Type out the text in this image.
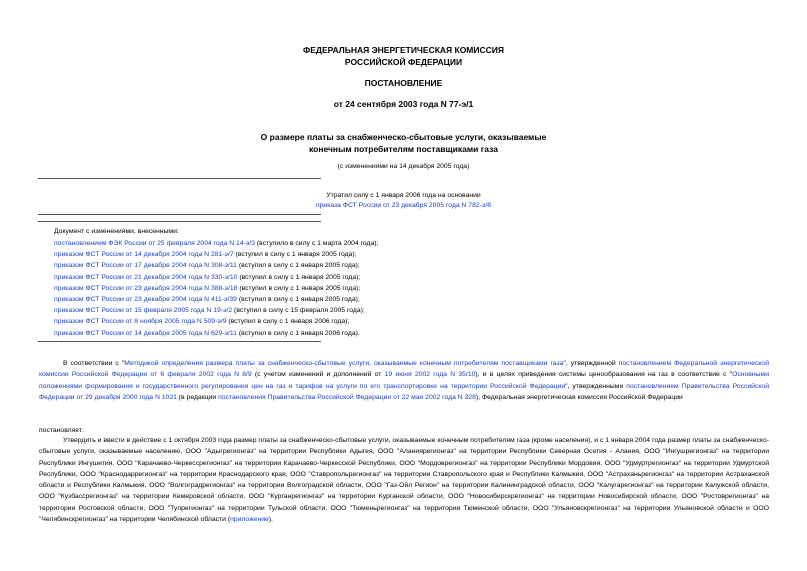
ФЕДЕРАЛЬНАЯ ЭНЕРГЕТИЧЕСКАЯ КОМИССИЯ
РОССИЙСКОЙ ФЕДЕРАЦИИ
ПОСТАНОВЛЕНИЕ
от 24 сентября 2003 года N 77-э/1
О размере платы за снабженческо-сбытовые услуги, оказываемые
конечным потребителям поставщиками газа
(с изменениями на 14 декабря 2005 года)
Утратил силу с 1 января 2006 года на основании
приказа ФСТ России от 23 декабря 2005 года N 782-э/8
Документ с изменениями, внесенными:
постановлением ФЭК России от 25 февраля 2004 года N 14-э/3 (вступило в силу с 1 марта 2004 года);
приказом ФСТ России от 14 декабря 2004 года N 281-э/7 (вступил в силу с 1 января 2005 года);
приказом ФСТ России от 17 декабря 2004 года N 308-э/11 (вступил в силу с 1 января 2005 года);
приказом ФСТ России от 21 декабря 2004 года N 330-э/10 (вступил в силу с 1 января 2005 года);
приказом ФСТ России от 23 декабря 2004 года N 388-э/18 (вступил в силу с 1 января 2005 года);
приказом ФСТ России от 23 декабря 2004 года N 411-э/39 (вступил в силу с 1 января 2005 года);
приказом ФСТ России от 15 февраля 2005 года N 19-э/2 (вступил в силу с 15 февраля 2005 года);
приказом ФСТ России от 8 ноября 2005 года N 509-э/9 (вступил в силу с 1 января 2006 года);
приказом ФСТ России от 14 декабря 2005 года N 629-э/11 (вступил в силу с 1 января 2006 года).

В соответствии с "Методикой определения размера платы за снабженческо-сбытовые услуги, оказываемые конечным потребителям поставщиками газа", утвержденной постановлением Федеральной энергетической комиссии Российской Федерации от 6 февраля 2002 года N 8/9 (с учетом изменений и дополнений от 19 июня 2002 года N 35/10), и в целях приведения системы ценообразования на газ в соответствие с "Основными положениями формирования и государственного регулирования цен на газ и тарифов на услуги по его транспортировке на территории Российской Федерации", утвержденными постановлением Правительства Российской Федерации от 29 декабря 2000 года N 1021 (в редакции постановления Правительства Российской Федерации от 22 мая 2002 года N 328), Федеральная энергетическая комиссия Российской Федерации

постановляет:

Утвердить и ввести в действие с 1 октября 2003 года размер платы за снабженческо-сбытовые услуги, оказываемые конечным потребителям газа (кроме населения), и с 1 января 2004 года размер платы за снабженческо-сбытовые услуги, оказываемые населению, ООО "Адыгрегионгаз" на территории Республики Адыгея, ООО "Аланиярегионгаз" на территории Республики Северная Осетия - Алания, ООО "Ингушрегионгаз" на территории Республики Ингушетия, ООО "Карачаево-Черкессрегионгаз" на территории Карачаево-Черкесской Республики, ООО "Мордоврегионгаз" на территории Республики Мордовия, ООО "Удмуртрегионгаз" на территории Удмуртской Республики, ООО "Краснодаррегионгаз" на территории Краснодарского края, ООО "Ставропольрегионгаз" на территории Ставропольского края и Республики Калмыкия, ООО "Астраханьрегионгаз" на территории Астраханской области и Республики Калмыкия, ООО "Волгоградрегионгаз" на территории Волгоградской области, ООО "Газ-Ойл Регион" на территории Калининградской области, ООО "Калугарегионгаз" на территории Калужской области, ООО "Кузбассрегионгаз" на территории Кемеровской области, ООО "Курганрегионгаз" на территории Курганской области, ООО "Новосибирскрегионгаз" на территории Новосибирской области, ООО "Ростоврегионгаз" на территории Ростовской области, ООО "Тулрегионгаз" на территории Тульской области, ООО "Тюменьрегионгаз" на территории Тюменской области, ООО "Ульяновскрегионгаз" на территории Ульяновской области и ООО "Челябинскрегионгаз" на территории Челябинской области (приложение).
